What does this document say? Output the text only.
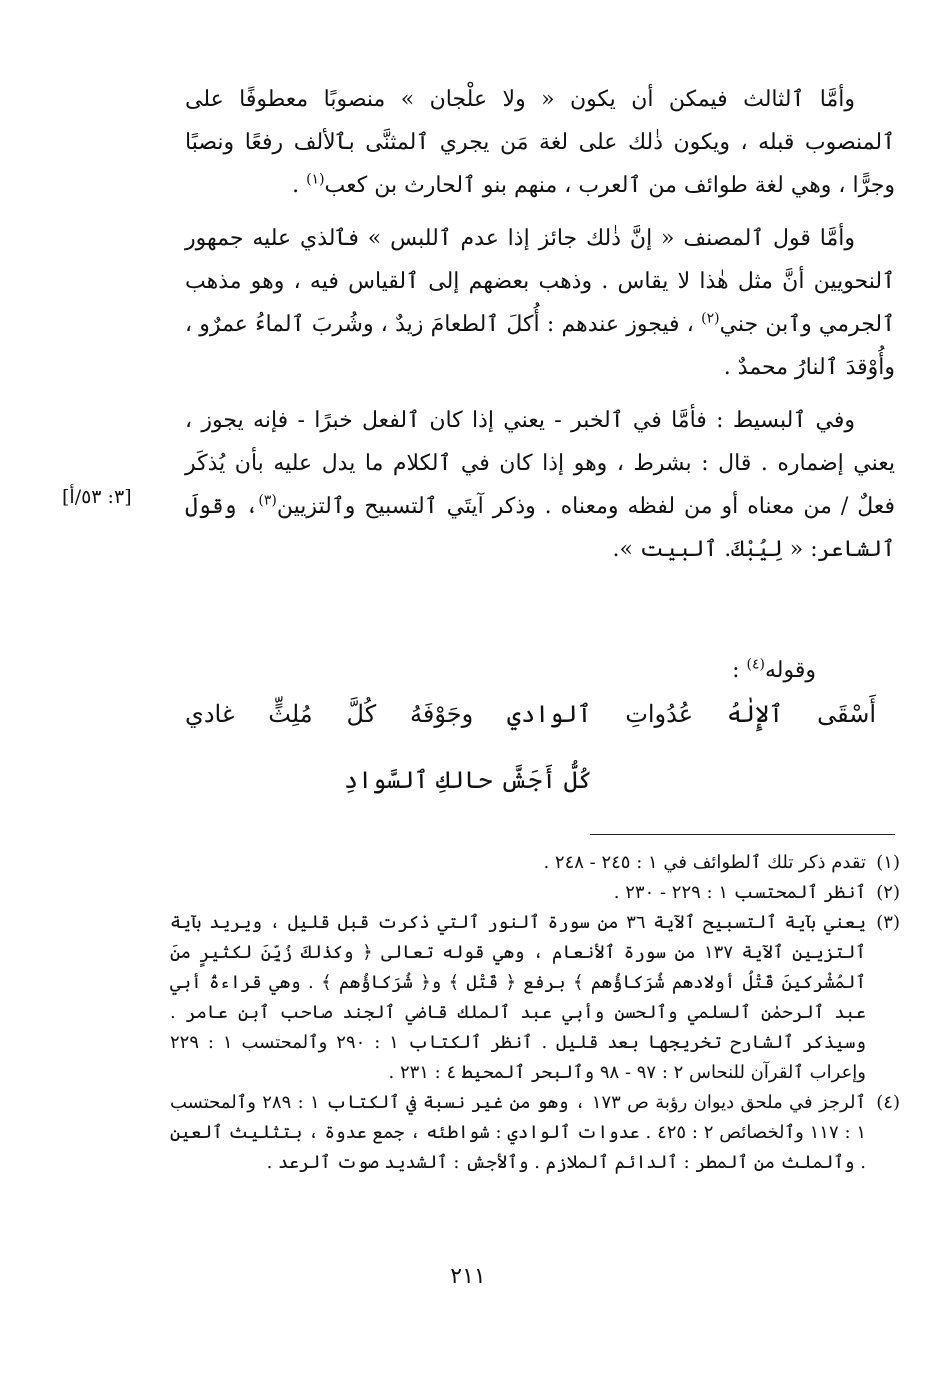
وأمَّا ٱلثالث فيمكن أن يكون « ولا علْجان » منصوبًا معطوفًا على ٱلمنصوب قبله ، ويكون ذٰلك على لغة مَن يجري ٱلمثنَّى بٱلألف رفعًا ونصبًا وجرًّا ، وهي لغة طوائف من ٱلعرب ، منهم بنو ٱلحارث بن كعب$^{(١)}$ .

وأمَّا قول ٱلمصنف « إنَّ ذٰلك جائز إذا عدم ٱللبس » فٱلذي عليه جمهور ٱلنحويين أنَّ مثل هٰذا لا يقاس . وذهب بعضهم إلى ٱلقياس فيه ، وهو مذهب ٱلجرمي وٱبن جني$^{(٢)}$ ، فيجوز عندهم : أُكلَ ٱلطعامَ زيدٌ ، وشُربَ ٱلماءُ عمرٌو ، وأُوْقدَ ٱلنارُ محمدٌ .

وفي ٱلبسيط : فأمَّا في ٱلخبر - يعني إذا كان ٱلفعل خبرًا - فإنه يجوز ، يعني إضماره . قال : بشرط ، وهو إذا كان في ٱلكلام ما يدل عليه بأن يُذكَر فعلٌ / من معناه أو من لفظه ومعناه . وذكر آيتَي ٱلتسبيح وٱلتزيين$^{(٣)}$، وقولَ ٱلشاعر: « لِيُبْكَ. ٱلبيت ».

[٣: ٥٣/أ]
وقوله$^{(٤)}$ :
أَسْقَى
ٱلإِلٰهُ
عُدُواتِ
ٱلوادي
وجَوْفَهُ
كُلَّ
مُلِثٍّ
غادي
كُلُّ أَجَشَّ حالكِ ٱلسَّوادِ
(١)
تقدم ذكر تلك ٱلطوائف في ١ : ٢٤٥ - ٢٤٨ .
(٢)
ٱنظر ٱلمحتسب ١ : ٢٢٩ - ٢٣٠ .
(٣)
يعني بآية ٱلتسبيح ٱلآية ٣٦ من سورة ٱلنور ٱلتي ذكرت قبل قليل ، ويريد بآية ٱلتزيين ٱلآية ١٣٧ من سورة ٱلأنعام ، وهي قوله تعالى ﴿ وكذٰلكَ زُيِّنَ لكثيرٍ منَ ٱلمُشْركينَ قَتْلُ أولادهم شُرَكاؤُهم ﴾ برفع ﴿ قَتْل ﴾ و﴿ شُرَكاؤُهم ﴾ . وهي قراءةُ أبي عبد ٱلرحمٰن ٱلسلمي وٱلحسن وأبي عبد ٱلملك قاضي ٱلجند صاحب ٱبن عامر . وسيذكر ٱلشارح تخريجها بعد قليل . ٱنظر ٱلكتاب ١ : ٢٩٠ وٱلمحتسب ١ : ٢٢٩ وإعراب ٱلقرآن للنحاس ٢ : ٩٧ - ٩٨ وٱلبحر ٱلمحيط ٤ : ٢٣١ .
(٤)
ٱلرجز في ملحق ديوان رؤبة ص ١٧٣ ، وهو من غير نسبة في ٱلكتاب ١ : ٢٨٩ وٱلمحتسب ١ : ١١٧ وٱلخصائص ٢ : ٤٢٥ . عدوات ٱلوادي : شواطئه ، جمع عدوة ، بتثليث ٱلعين . وٱلملث من ٱلمطر : ٱلدائم ٱلملازم . وٱلأجش : ٱلشديد صوت ٱلرعد .
٢١١
